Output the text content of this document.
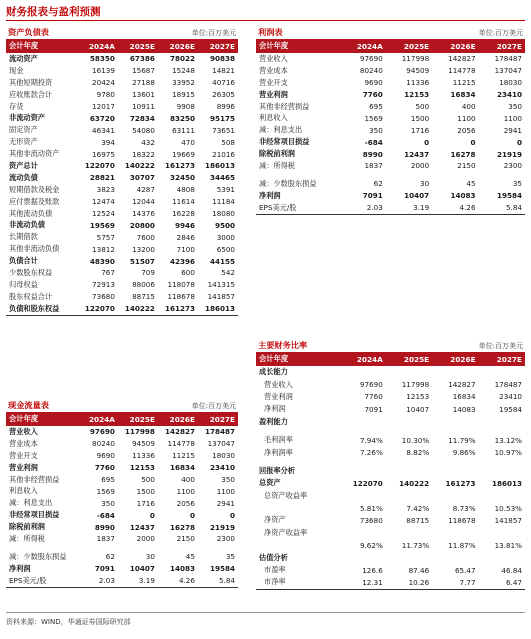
财务报表与盈利预测
资产负债表	单位:百万美元
会计年度	2024A	2025E	2026E	2027E
流动资产	58350	67386	78022	90838
现金	16139	15687	15248	14821
其他短期投资	20424	27188	33952	40716
应收账款合计	9780	13601	18915	26305
存货	12017	10911	9908	8996
非流动资产	63720	72834	83250	95175
固定资产	46341	54080	63111	73651
无形资产	394	432	470	508
其他非流动资产	16975	18322	19669	21016
资产总计	122070	140222	161273	186013
流动负债	28821	30707	32450	34465
短期借款及税金	3823	4287	4808	5391
应付票据及账款	12474	12044	11614	11184
其他流动负债	12524	14376	16228	18080
非流动负债	19569	20800	9946	9500
长期借款	5757	7600	2846	3000
其他非流动负债	13812	13200	7100	6500
负债合计	48390	51507	42396	44155
少数股东权益	767	709	600	542
归母权益	72913	88006	118078	141315
股东权益合计	73680	88715	118678	141857
负债和股东权益	122070	140222	161273	186013
利润表	单位:百万美元
会计年度	2024A	2025E	2026E	2027E
营业收入	97690	117998	142827	178487
营业成本	80240	94509	114778	137047
营业开支	9690	11336	11215	18030
营业利润	7760	12153	16834	23410
其他非经营损益	695	500	400	350
利息收入	1569	1500	1100	1100
减：利息支出	350	1716	2056	2941
非经常项目损益	-684	0	0	0
除税前利润	8990	12437	16278	21919
减：所得税	1837	2000	2150	2300

减：少数股东损益	62	30	45	35
净利润	7091	10407	14083	19584
EPS美元/股	2.03	3.19	4.26	5.84
现金流量表	单位:百万美元
会计年度	2024A	2025E	2026E	2027E
营业收入	97690	117998	142827	178487
营业成本	80240	94509	114778	137047
营业开支	9690	11336	11215	18030
营业利润	7760	12153	16834	23410
其他非经营损益	695	500	400	350
利息收入	1569	1500	1100	1100
减：利息支出	350	1716	2056	2941
非经常项目损益	-684	0	0	0
除税前利润	8990	12437	16278	21919
减：所得税	1837	2000	2150	2300

减：少数股东损益	62	30	45	35
净利润	7091	10407	14083	19584
EPS美元/股	2.03	3.19	4.26	5.84
主要财务比率	单位:百万美元
会计年度	2024A	2025E	2026E	2027E
成长能力				
营业收入	97690	117998	142827	178487
营业利润	7760	12153	16834	23410
净利润	7091	10407	14083	19584
盈利能力				

毛利润率	7.94%	10.30%	11.79%	13.12%
净利润率	7.26%	8.82%	9.86%	10.97%

回报率分析				
总资产	122070	140222	161273	186013
总资产收益率				
	5.81%	7.42%	8.73%	10.53%
净资产	73680	88715	118678	141857
净资产收益率				
	9.62%	11.73%	11.87%	13.81%
估值分析				
市盈率	126.6	87.46	65.47	46.84
市净率	12.31	10.26	7.77	6.47
资料来源：WIND，华通证券国际研究部
